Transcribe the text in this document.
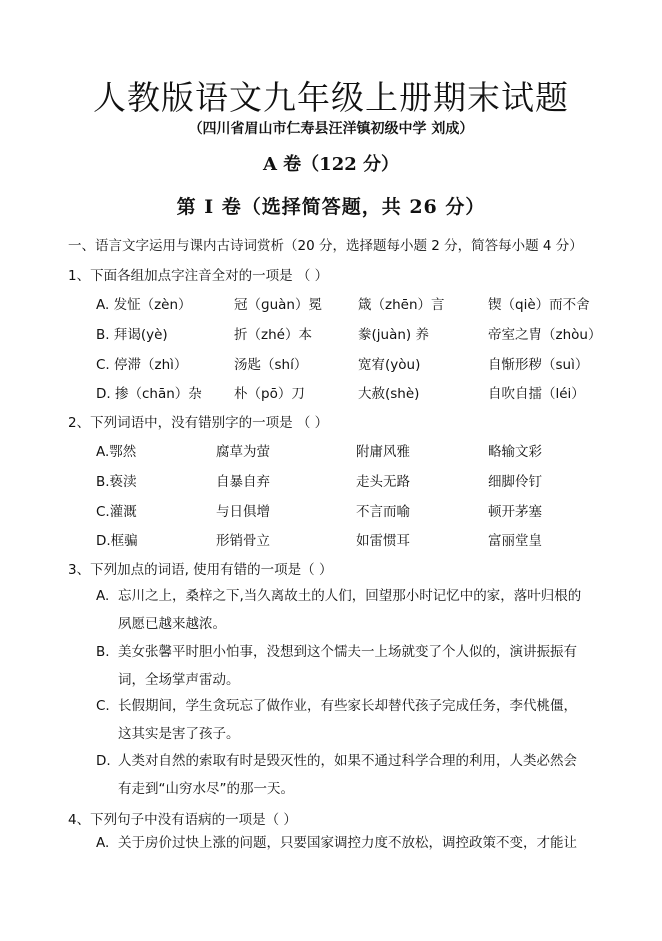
人教版语文九年级上册期末试题
（四川省眉山市仁寿县汪洋镇初级中学 刘成）
A 卷（122 分）
第 I 卷（选择简答题，共 26 分）
一、语言文字运用与课内古诗词赏析（20 分，选择题每小题 2 分，简答每小题 4 分）
1、下面各组加点字注音全对的一项是 （ ）
A. 发怔（zèn）	冠（ɡuàn）冕	箴（zhēn）言	锲（qiè）而不舍
B. 拜谒(yè)	折（zhé）本	豢(juàn) 养	帝室之胄（zhòu）
C. 停滞（zhì）	汤匙（shí）	宽宥(yòu)	自惭形秽（suì）
D. 掺（chān）杂 朴（pō）刀	大赦(shè)	自吹自擂（léi）
2、下列词语中，没有错别字的一项是 （ ）
A.鄂然	腐草为萤	附庸风雅	略输文彩
B.亵渎	自暴自弃	走头无路	细脚伶钉
C.灌溉	与日俱增	不言而喻	顿开茅塞
D.框骗	形销骨立	如雷惯耳	富丽堂皇
3、下列加点的词语, 使用有错的一项是（ ）
A. 忘川之上，桑梓之下,当久离故土的人们，回望那小时记忆中的家，落叶归根的
夙愿已越来越浓。
B. 美女张馨平时胆小怕事，没想到这个懦夫一上场就变了个人似的，演讲振振有
词，全场掌声雷动。
C. 长假期间，学生贪玩忘了做作业，有些家长却替代孩子完成任务，李代桃僵，
这其实是害了孩子。
D. 人类对自然的索取有时是毁灭性的，如果不通过科学合理的利用，人类必然会
有走到“山穷水尽”的那一天。
4、下列句子中没有语病的一项是（ ）
A. 关于房价过快上涨的问题，只要国家调控力度不放松，调控政策不变，才能让
